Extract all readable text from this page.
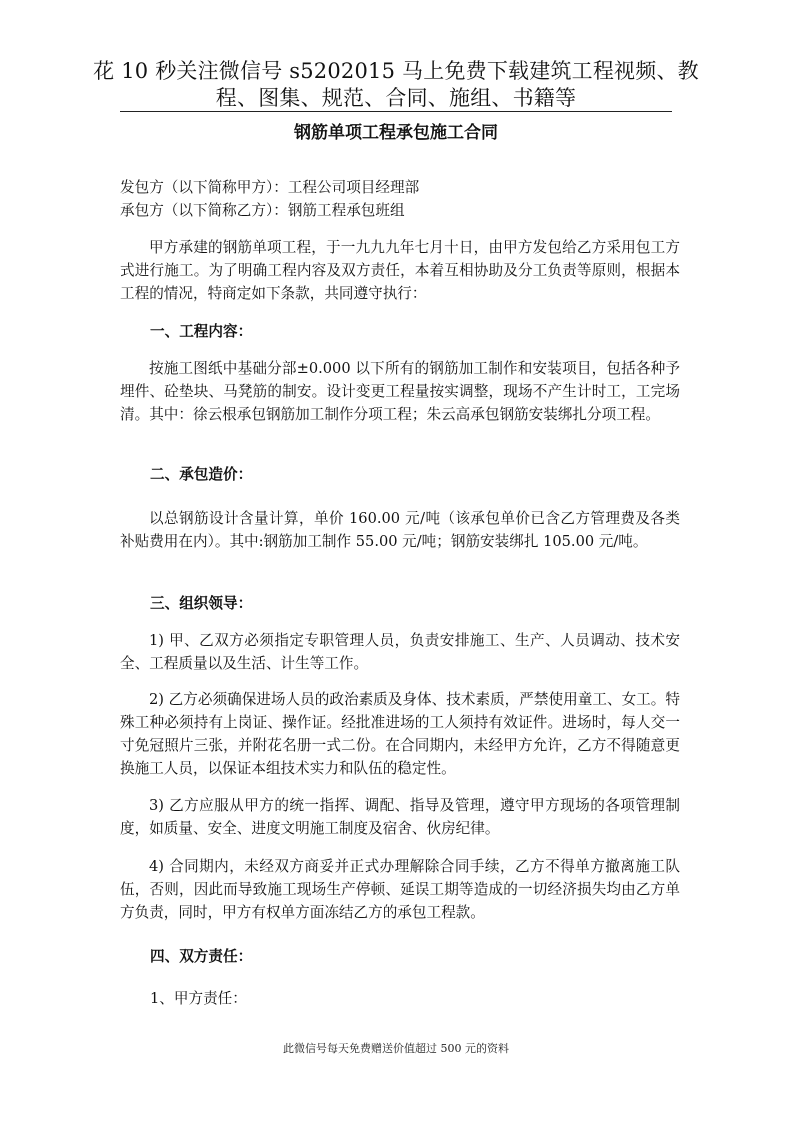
花 10 秒关注微信号 s5202015 马上免费下载建筑工程视频、教
程、图集、规范、合同、施组、书籍等
钢筋单项工程承包施工合同
发包方（以下简称甲方）：工程公司项目经理部
承包方（以下简称乙方）：钢筋工程承包班组
甲方承建的钢筋单项工程，于一九九九年七月十日，由甲方发包给乙方采用包工方式进行施工。为了明确工程内容及双方责任，本着互相协助及分工负责等原则，根据本工程的情况，特商定如下条款，共同遵守执行：
一、工程内容：
按施工图纸中基础分部±0.000 以下所有的钢筋加工制作和安装项目，包括各种予埋件、砼垫块、马凳筋的制安。设计变更工程量按实调整，现场不产生计时工，工完场清。其中：徐云根承包钢筋加工制作分项工程；朱云高承包钢筋安装绑扎分项工程。
二、承包造价：
以总钢筋设计含量计算，单价 160.00 元/吨（该承包单价已含乙方管理费及各类补贴费用在内）。其中:钢筋加工制作 55.00 元/吨；钢筋安装绑扎 105.00 元/吨。
三、组织领导：
1) 甲、乙双方必须指定专职管理人员，负责安排施工、生产、人员调动、技术安全、工程质量以及生活、计生等工作。
2) 乙方必须确保进场人员的政治素质及身体、技术素质，严禁使用童工、女工。特殊工种必须持有上岗证、操作证。经批准进场的工人须持有效证件。进场时，每人交一寸免冠照片三张，并附花名册一式二份。在合同期内，未经甲方允许，乙方不得随意更换施工人员，以保证本组技术实力和队伍的稳定性。
3) 乙方应服从甲方的统一指挥、调配、指导及管理，遵守甲方现场的各项管理制度，如质量、安全、进度文明施工制度及宿舍、伙房纪律。
4) 合同期内，未经双方商妥并正式办理解除合同手续，乙方不得单方撤离施工队伍，否则，因此而导致施工现场生产停顿、延误工期等造成的一切经济损失均由乙方单方负责，同时，甲方有权单方面冻结乙方的承包工程款。
四、双方责任：
1、甲方责任：
此微信号每天免费赠送价值超过 500 元的资料
